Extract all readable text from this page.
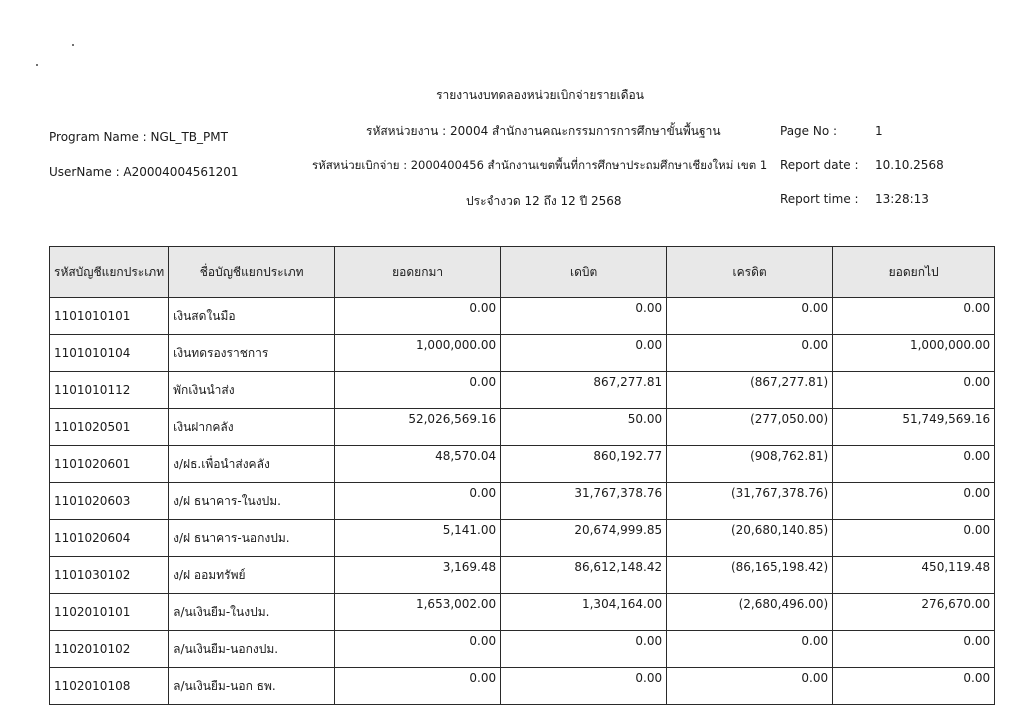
รายงานงบทดลองหน่วยเบิกจ่ายรายเดือน
Program Name : NGL_TB_PMT	รหัสหน่วยงาน : 20004 สำนักงานคณะกรรมการการศึกษาขั้นพื้นฐาน	Page No :	1
UserName : A20004004561201	รหัสหน่วยเบิกจ่าย : 2000400456 สำนักงานเขตพื้นที่การศึกษาประถมศึกษาเชียงใหม่ เขต 1 Report date : 10.10.2568
ประจำงวด 12 ถึง 12 ปี 2568	Report time : 13:28:13
รหัสบัญชีแยกประเภท	ชื่อบัญชีแยกประเภท	ยอดยกมา	เดบิต	เครดิต	ยอดยกไป
1101010101	เงินสดในมือ	0.00	0.00	0.00	0.00
1101010104	เงินทดรองราชการ	1,000,000.00	0.00	0.00	1,000,000.00
1101010112	พักเงินนำส่ง	0.00	867,277.81	(867,277.81)	0.00
1101020501	เงินฝากคลัง	52,026,569.16	50.00	(277,050.00)	51,749,569.16
1101020601	ง/ฝธ.เพื่อนำส่งคลัง	48,570.04	860,192.77	(908,762.81)	0.00
1101020603	ง/ฝ ธนาคาร-ในงปม.	0.00	31,767,378.76	(31,767,378.76)	0.00
1101020604	ง/ฝ ธนาคาร-นอกงปม.	5,141.00	20,674,999.85	(20,680,140.85)	0.00
1101030102	ง/ฝ ออมทรัพย์	3,169.48	86,612,148.42	(86,165,198.42)	450,119.48
1102010101	ล/นเงินยืม-ในงปม.	1,653,002.00	1,304,164.00	(2,680,496.00)	276,670.00
1102010102	ล/นเงินยืม-นอกงปม.	0.00	0.00	0.00	0.00
1102010108	ล/นเงินยืม-นอก ธพ.	0.00	0.00	0.00	0.00
